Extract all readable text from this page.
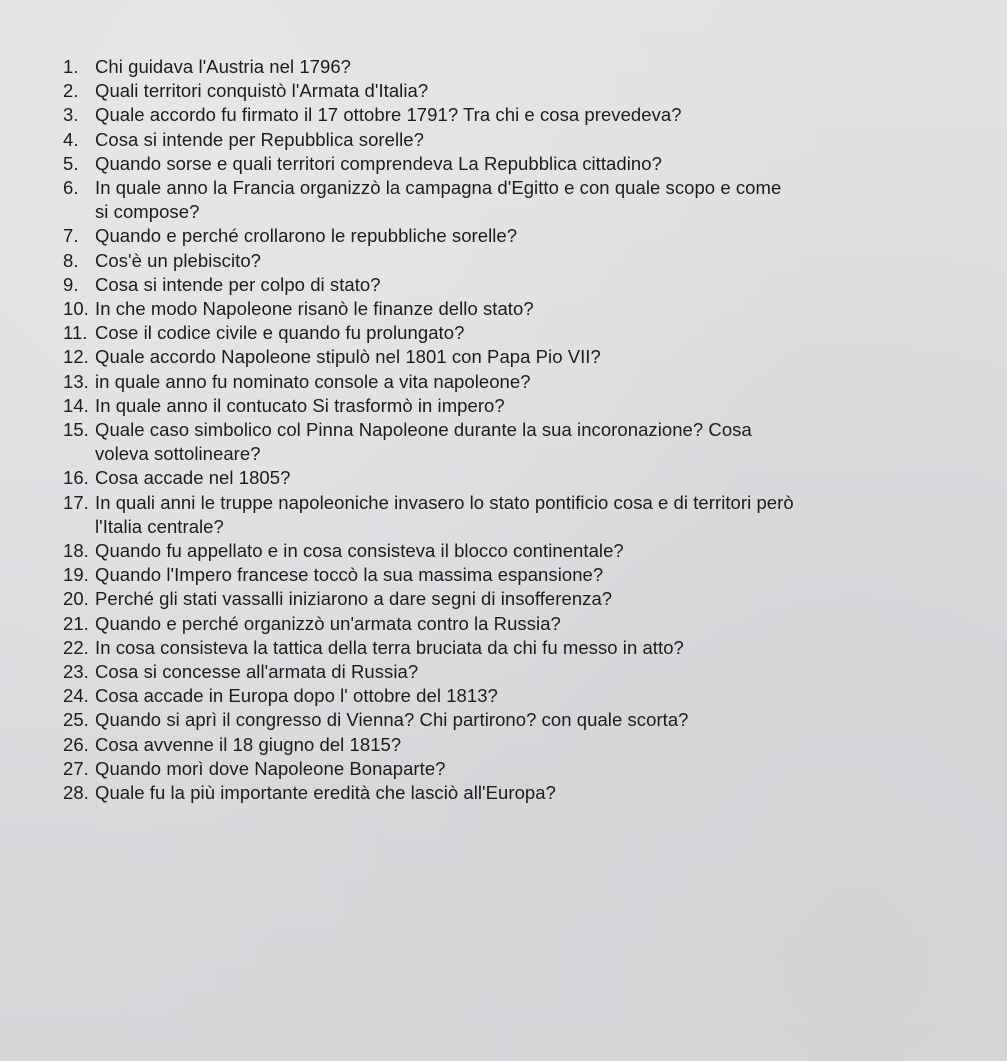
1. Chi guidava l'Austria nel 1796?
2. Quali territori conquistò l'Armata d'Italia?
3. Quale accordo fu firmato il 17 ottobre 1791? Tra chi e cosa prevedeva?
4. Cosa si intende per Repubblica sorelle?
5. Quando sorse e quali territori comprendeva La Repubblica cittadino?
6. In quale anno la Francia organizzò la campagna d'Egitto e con quale scopo e come
si compose?
7. Quando e perché crollarono le repubbliche sorelle?
8. Cos'è un plebiscito?
9. Cosa si intende per colpo di stato?
10. In che modo Napoleone risanò le finanze dello stato?
11. Cose il codice civile e quando fu prolungato?
12. Quale accordo Napoleone stipulò nel 1801 con Papa Pio VII?
13. in quale anno fu nominato console a vita napoleone?
14. In quale anno il contucato Si trasformò in impero?
15. Quale caso simbolico col Pinna Napoleone durante la sua incoronazione? Cosa
voleva sottolineare?
16. Cosa accade nel 1805?
17. In quali anni le truppe napoleoniche invasero lo stato pontificio cosa e di territori però
l'Italia centrale?
18. Quando fu appellato e in cosa consisteva il blocco continentale?
19. Quando l'Impero francese toccò la sua massima espansione?
20. Perché gli stati vassalli iniziarono a dare segni di insofferenza?
21. Quando e perché organizzò un'armata contro la Russia?
22. In cosa consisteva la tattica della terra bruciata da chi fu messo in atto?
23. Cosa si concesse all'armata di Russia?
24. Cosa accade in Europa dopo l' ottobre del 1813?
25. Quando si aprì il congresso di Vienna? Chi partirono? con quale scorta?
26. Cosa avvenne il 18 giugno del 1815?
27. Quando morì dove Napoleone Bonaparte?
28. Quale fu la più importante eredità che lasciò all'Europa?
